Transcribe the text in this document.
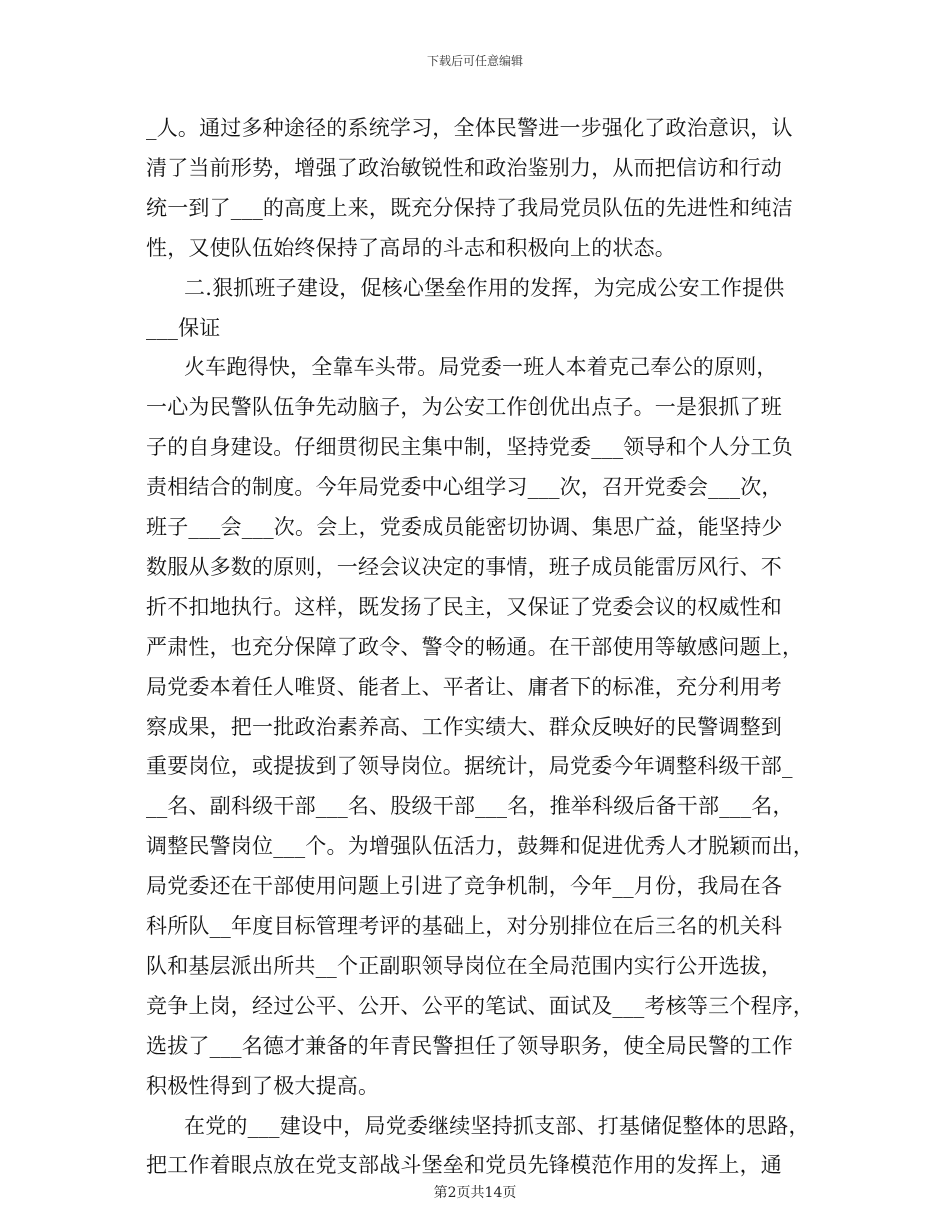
下载后可任意编辑
_人。通过多种途径的系统学习，全体民警进一步强化了政治意识，认
清了当前形势，增强了政治敏锐性和政治鉴别力，从而把信访和行动
统一到了___的高度上来，既充分保持了我局党员队伍的先进性和纯洁
性，又使队伍始终保持了高昂的斗志和积极向上的状态。
二.狠抓班子建设，促核心堡垒作用的发挥，为完成公安工作提供
___保证
火车跑得快，全靠车头带。局党委一班人本着克己奉公的原则，
一心为民警队伍争先动脑子，为公安工作创优出点子。一是狠抓了班
子的自身建设。仔细贯彻民主集中制，坚持党委___领导和个人分工负
责相结合的制度。今年局党委中心组学习___次，召开党委会___次，
班子___会___次。会上，党委成员能密切协调、集思广益，能坚持少
数服从多数的原则，一经会议决定的事情，班子成员能雷厉风行、不
折不扣地执行。这样，既发扬了民主，又保证了党委会议的权威性和
严肃性，也充分保障了政令、警令的畅通。在干部使用等敏感问题上，
局党委本着任人唯贤、能者上、平者让、庸者下的标准，充分利用考
察成果，把一批政治素养高、工作实绩大、群众反映好的民警调整到
重要岗位，或提拔到了领导岗位。据统计，局党委今年调整科级干部_
__名、副科级干部___名、股级干部___名，推举科级后备干部___名，
调整民警岗位___个。为增强队伍活力，鼓舞和促进优秀人才脱颖而出，
局党委还在干部使用问题上引进了竞争机制，今年__月份，我局在各
科所队__年度目标管理考评的基础上，对分别排位在后三名的机关科
队和基层派出所共__个正副职领导岗位在全局范围内实行公开选拔，
竞争上岗，经过公平、公开、公平的笔试、面试及___考核等三个程序，
选拔了___名德才兼备的年青民警担任了领导职务，使全局民警的工作
积极性得到了极大提高。
在党的___建设中，局党委继续坚持抓支部、打基储促整体的思路，
把工作着眼点放在党支部战斗堡垒和党员先锋模范作用的发挥上，通
第2页共14页
